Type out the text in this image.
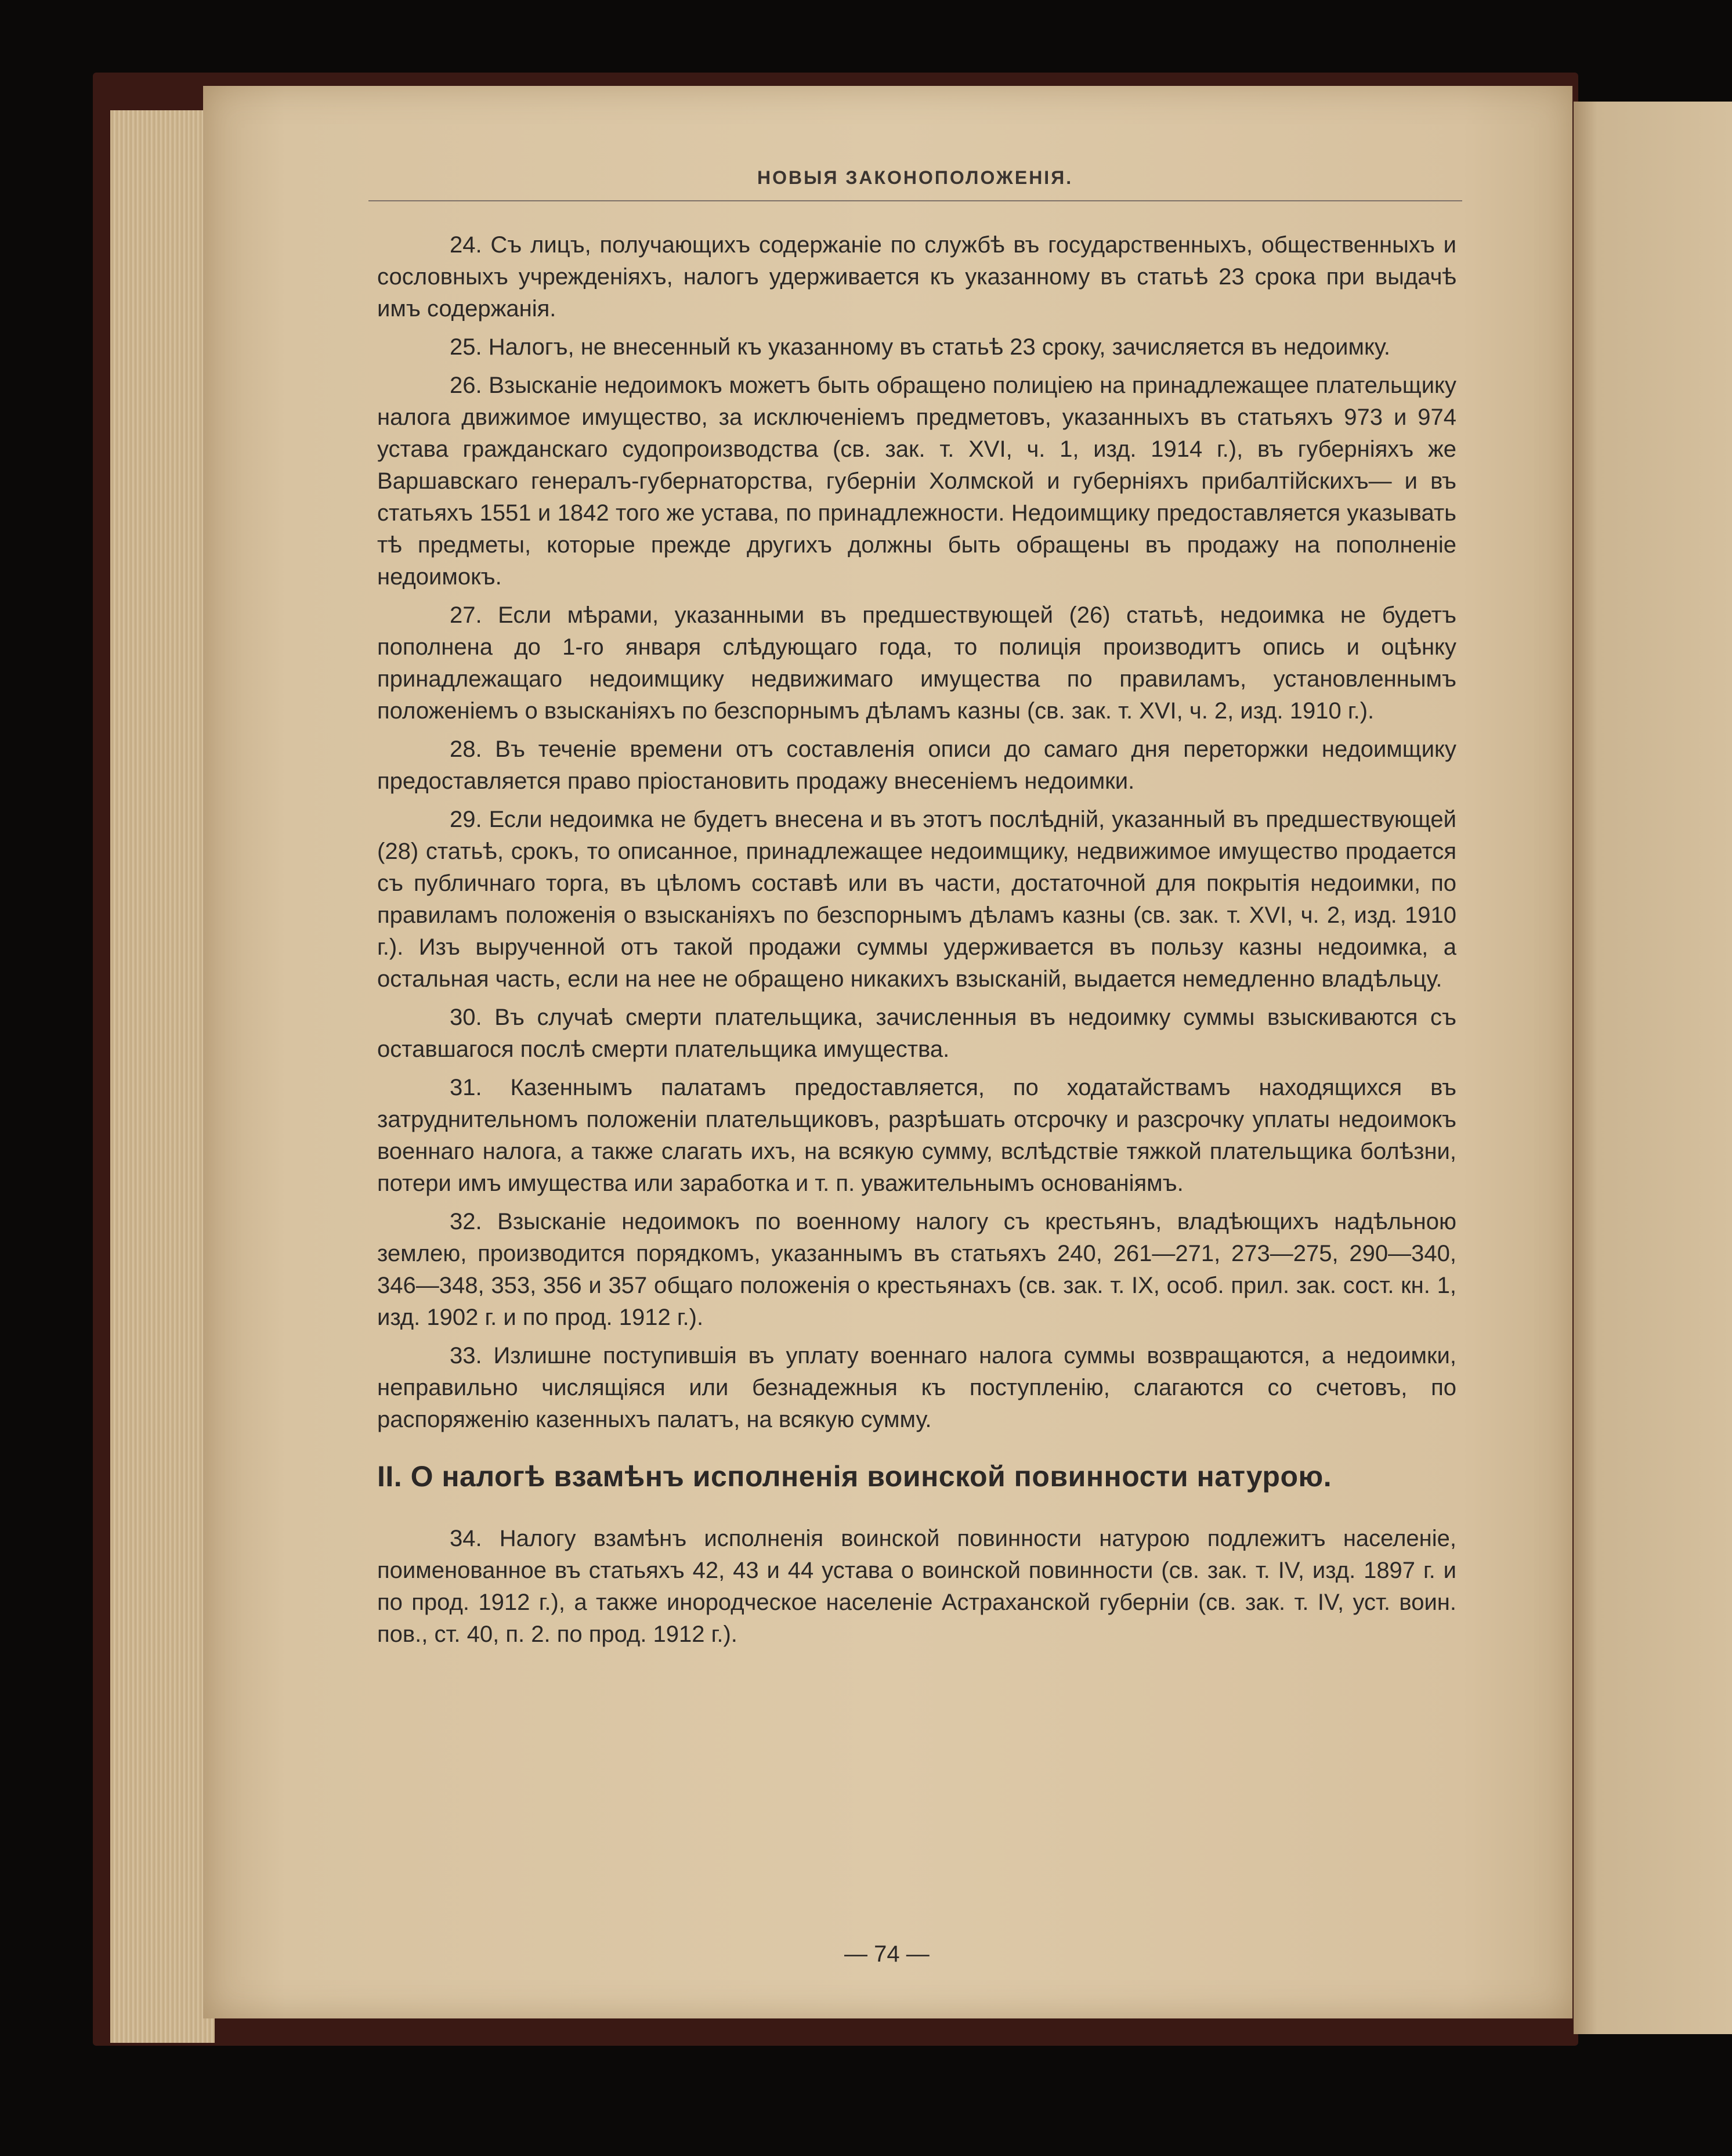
НОВЫЯ ЗАКОНОПОЛОЖЕНІЯ.

24. Съ лицъ, получающихъ содержаніе по службѣ въ государственныхъ, общественныхъ и сословныхъ учрежденіяхъ, налогъ удерживается къ указанному въ статьѣ 23 срока при выдачѣ имъ содержанія.

25. Налогъ, не внесенный къ указанному въ статьѣ 23 сроку, зачисляется въ недоимку.

26. Взысканіе недоимокъ можетъ быть обращено полиціею на принадлежащее плательщику налога движимое имущество, за исключеніемъ предметовъ, указанныхъ въ статьяхъ 973 и 974 устава гражданскаго судопроизводства (св. зак. т. XVI, ч. 1, изд. 1914 г.), въ губерніяхъ же Варшавскаго генералъ-губернаторства, губерніи Холмской и губерніяхъ прибалтійскихъ— и въ статьяхъ 1551 и 1842 того же устава, по принадлежности. Недоимщику предоставляется указывать тѣ предметы, которые прежде другихъ должны быть обращены въ продажу на пополненіе недоимокъ.

27. Если мѣрами, указанными въ предшествующей (26) статьѣ, недоимка не будетъ пополнена до 1-го января слѣдующаго года, то полиція производитъ опись и оцѣнку принадлежащаго недоимщику недвижимаго имущества по правиламъ, установленнымъ положеніемъ о взысканіяхъ по безспорнымъ дѣламъ казны (св. зак. т. XVI, ч. 2, изд. 1910 г.).

28. Въ теченіе времени отъ составленія описи до самаго дня переторжки недоимщику предоставляется право пріостановить продажу внесеніемъ недоимки.

29. Если недоимка не будетъ внесена и въ этотъ послѣдній, указанный въ предшествующей (28) статьѣ, срокъ, то описанное, принадлежащее недоимщику, недвижимое имущество продается съ публичнаго торга, въ цѣломъ составѣ или въ части, достаточной для покрытія недоимки, по правиламъ положенія о взысканіяхъ по безспорнымъ дѣламъ казны (св. зак. т. XVI, ч. 2, изд. 1910 г.). Изъ вырученной отъ такой продажи суммы удерживается въ пользу казны недоимка, а остальная часть, если на нее не обращено никакихъ взысканій, выдается немедленно владѣльцу.

30. Въ случаѣ смерти плательщика, зачисленныя въ недоимку суммы взыскиваются съ оставшагося послѣ смерти плательщика имущества.

31. Казеннымъ палатамъ предоставляется, по ходатайствамъ находящихся въ затруднительномъ положеніи плательщиковъ, разрѣшать отсрочку и разсрочку уплаты недоимокъ военнаго налога, а также слагать ихъ, на всякую сумму, вслѣдствіе тяжкой плательщика болѣзни, потери имъ имущества или заработка и т. п. уважительнымъ основаніямъ.

32. Взысканіе недоимокъ по военному налогу съ крестьянъ, владѣющихъ надѣльною землею, производится порядкомъ, указаннымъ въ статьяхъ 240, 261—271, 273—275, 290—340, 346—348, 353, 356 и 357 общаго положенія о крестьянахъ (св. зак. т. IX, особ. прил. зак. сост. кн. 1, изд. 1902 г. и по прод. 1912 г.).

33. Излишне поступившія въ уплату военнаго налога суммы возвращаются, а недоимки, неправильно числящіяся или безнадежныя къ поступленію, слагаются со счетовъ, по распоряженію казенныхъ палатъ, на всякую сумму.

II. О налогѣ взамѣнъ исполненія воинской повинности натурою.

34. Налогу взамѣнъ исполненія воинской повинности натурою подлежитъ населеніе, поименованное въ статьяхъ 42, 43 и 44 устава о воинской повинности (св. зак. т. IV, изд. 1897 г. и по прод. 1912 г.), а также инородческое населеніе Астраханской губерніи (св. зак. т. IV, уст. воин. пов., ст. 40, п. 2. по прод. 1912 г.).

— 74 —
